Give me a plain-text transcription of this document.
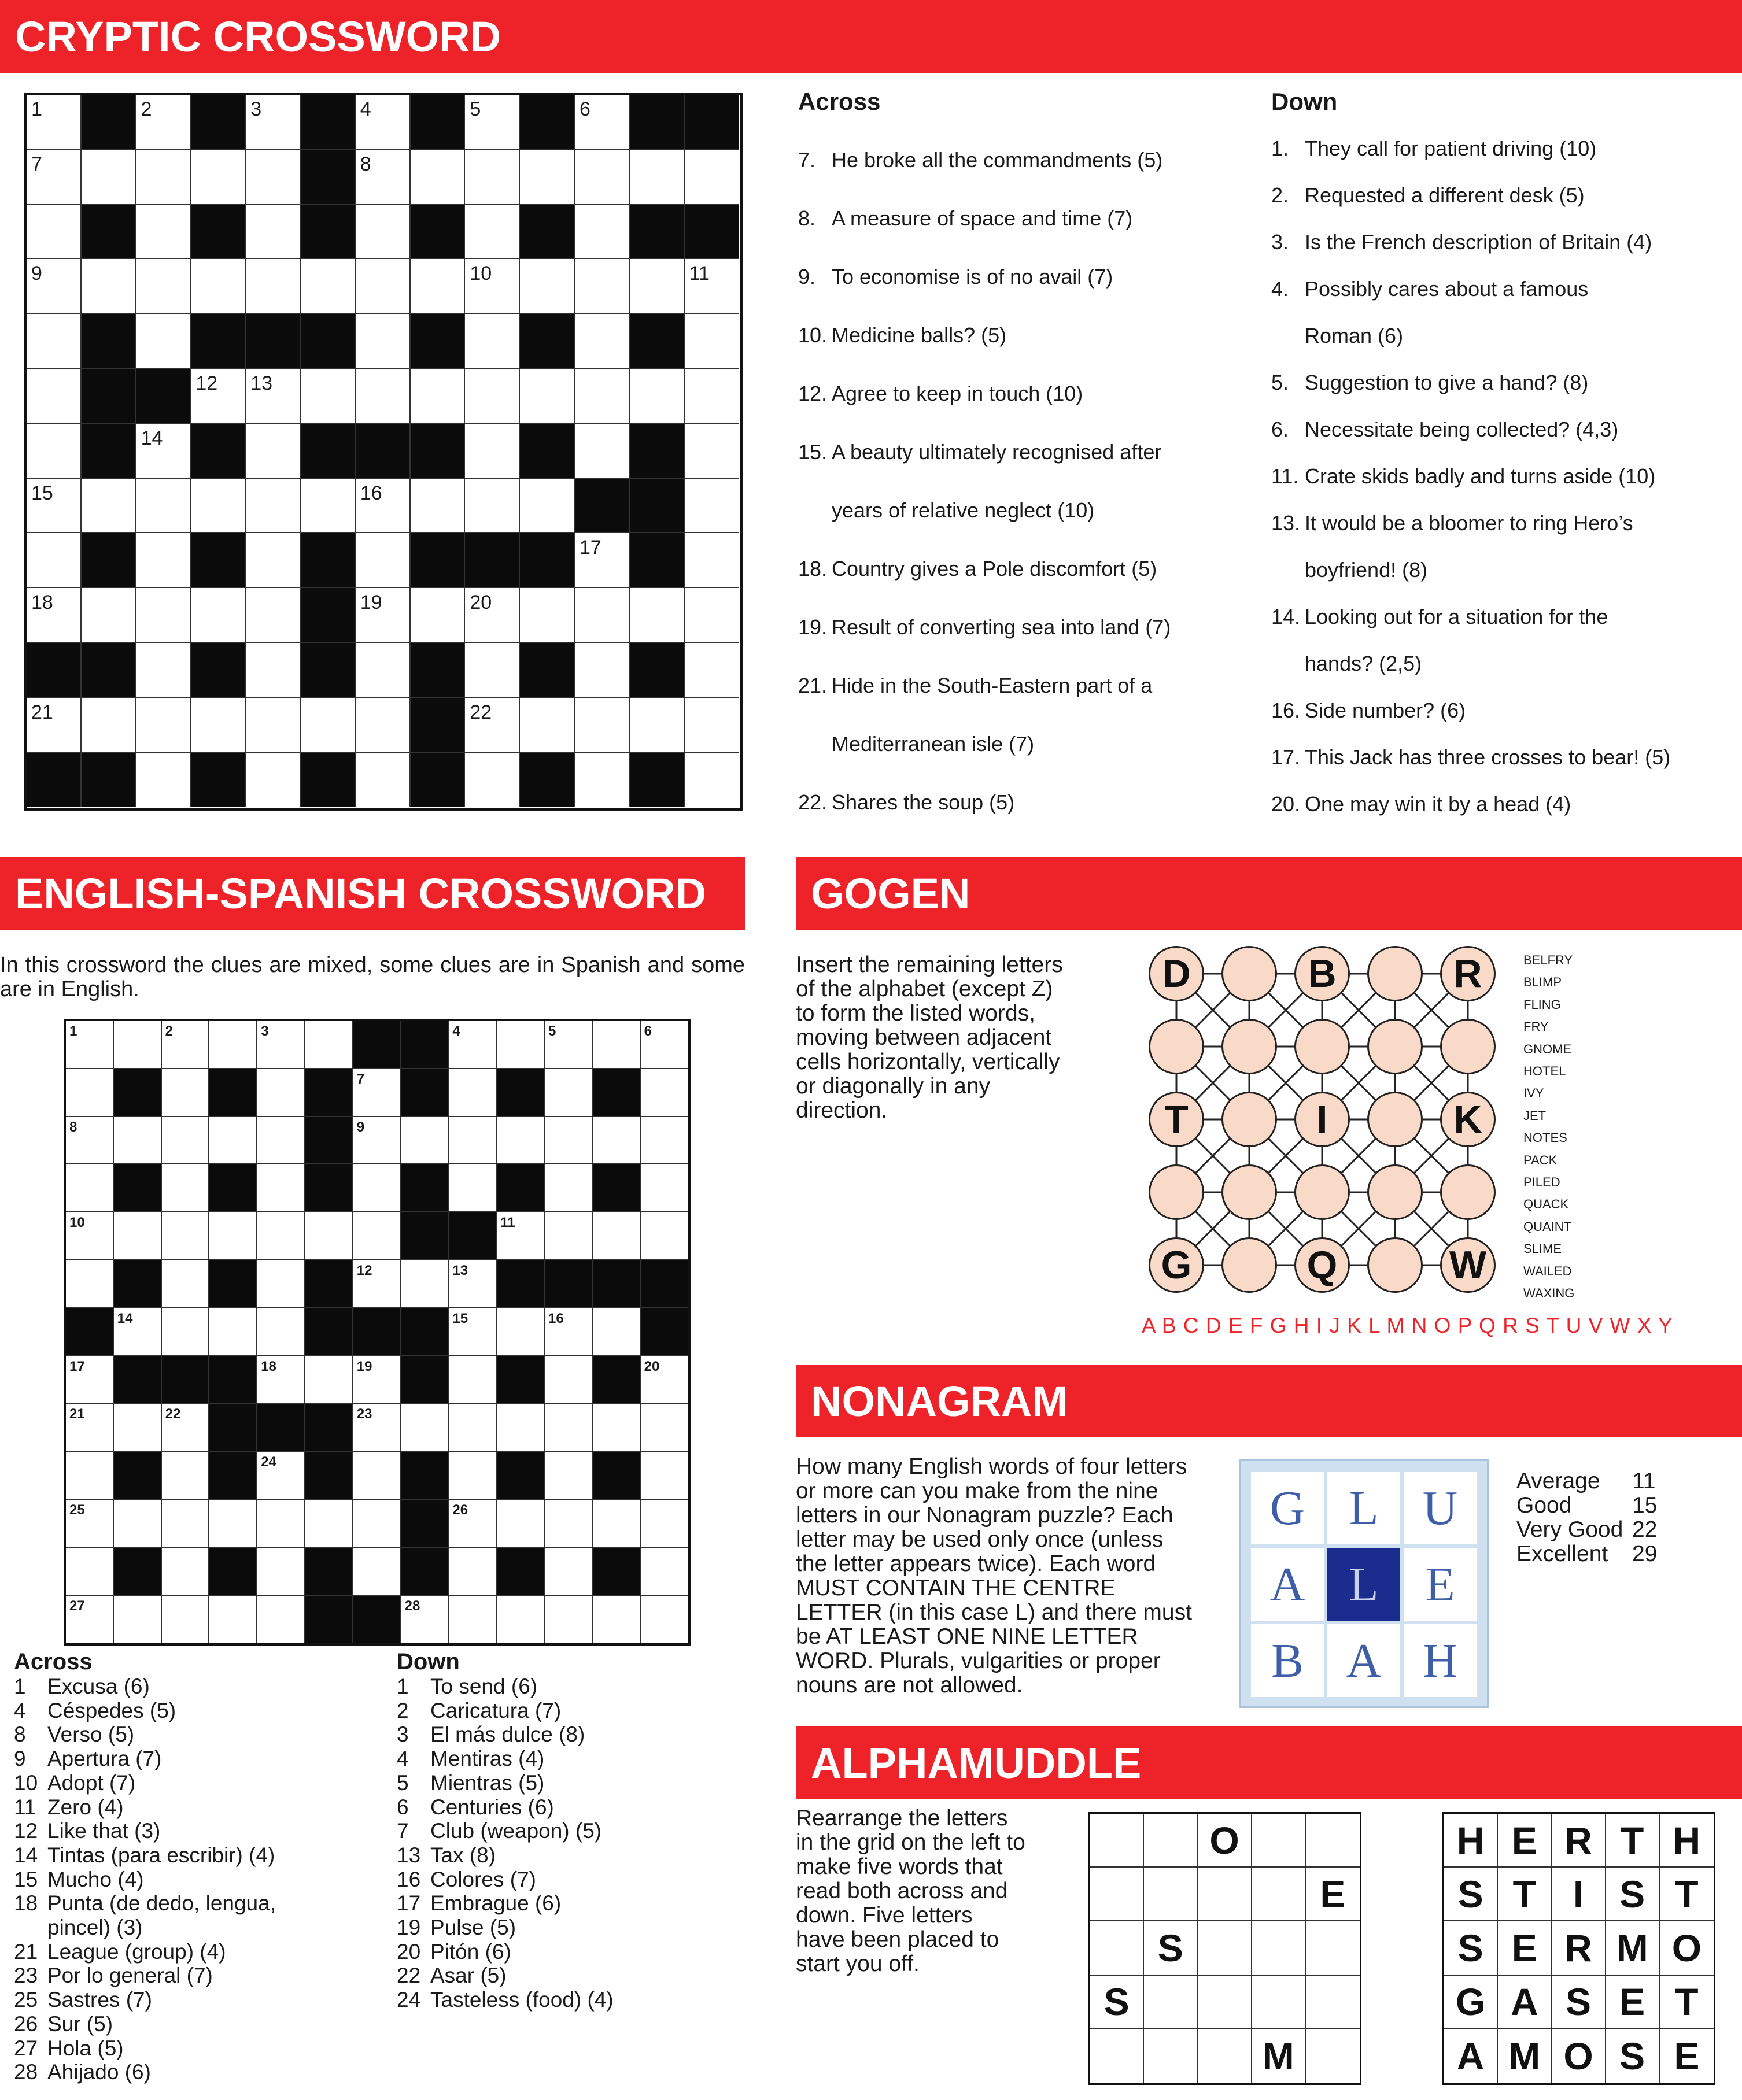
CRYPTIC CROSSWORD
1	2	3	4	5	6
7	8
9	10	11
12 13
14
15	16
17
18	19	20
21	22
Across
7. He broke all the commandments (5)
8. A measure of space and time (7)
9. To economise is of no avail (7)
10. Medicine balls? (5)
12. Agree to keep in touch (10)
15. A beauty ultimately recognised after
years of relative neglect (10)
18. Country gives a Pole discomfort (5)
19. Result of converting sea into land (7)
21. Hide in the South-Eastern part of a
Mediterranean isle (7)
22. Shares the soup (5)
Down
1. They call for patient driving (10)
2. Requested a different desk (5)
3. Is the French description of Britain (4)
4. Possibly cares about a famous
Roman (6)
5. Suggestion to give a hand? (8)
6. Necessitate being collected? (4,3)
11. Crate skids badly and turns aside (10)
13. It would be a bloomer to ring Hero’s
boyfriend! (8)
14. Looking out for a situation for the
hands? (2,5)
16. Side number? (6)
17. This Jack has three crosses to bear! (5)
20. One may win it by a head (4)
ENGLISH-SPANISH CROSSWORD
In this crossword the clues are mixed, some clues are in Spanish and some are in English.
1	2	3	4	5	6
7
8	9
10	11
12	13
14	15	16
17	18	19	20
21	22	23
24
25	26
27	28
Across
1 Excusa (6)
4 Céspedes (5)
8 Verso (5)
9 Apertura (7)
10 Adopt (7)
11 Zero (4)
12 Like that (3)
14 Tintas (para escribir) (4)
15 Mucho (4)
18 Punta (de dedo, lengua,
pincel) (3)
21 League (group) (4)
23 Por lo general (7)
25 Sastres (7)
26 Sur (5)
27 Hola (5)
28 Ahijado (6)
Down
1 To send (6)
2 Caricatura (7)
3 El más dulce (8)
4 Mentiras (4)
5 Mientras (5)
6 Centuries (6)
7 Club (weapon) (5)
13 Tax (8)
16 Colores (7)
17 Embrague (6)
19 Pulse (5)
20 Pitón (6)
22 Asar (5)
24 Tasteless (food) (4)
GOGEN
Insert the remaining letters of the alphabet (except Z) to form the listed words, moving between adjacent cells horizontally, vertically or diagonally in any direction.
D	B	R
T	I	K
G	Q	W
BELFRY
BLIMP
FLING
FRY
GNOME
HOTEL
IVY
JET
NOTES
PACK
PILED
QUACK
QUAINT
SLIME
WAILED
WAXING
A B C D E F G H I J K L M N O P Q R S T U V W X Y
NONAGRAM
How many English words of four letters or more can you make from the nine letters in our Nonagram puzzle? Each letter may be used only once (unless the letter appears twice). Each word MUST CONTAIN THE CENTRE LETTER (in this case L) and there must be AT LEAST ONE NINE LETTER WORD. Plurals, vulgarities or proper nouns are not allowed.
G L U
A L E
B A H
Average 11
Good	15
Very Good 22
Excellent 29
ALPHAMUDDLE
Rearrange the letters in the grid on the left to make five words that read both across and down. Five letters have been placed to start you off.
O
E
S
S
M
H E R T H
S T I S T
S E R M O
G A S E T
A M O S E
